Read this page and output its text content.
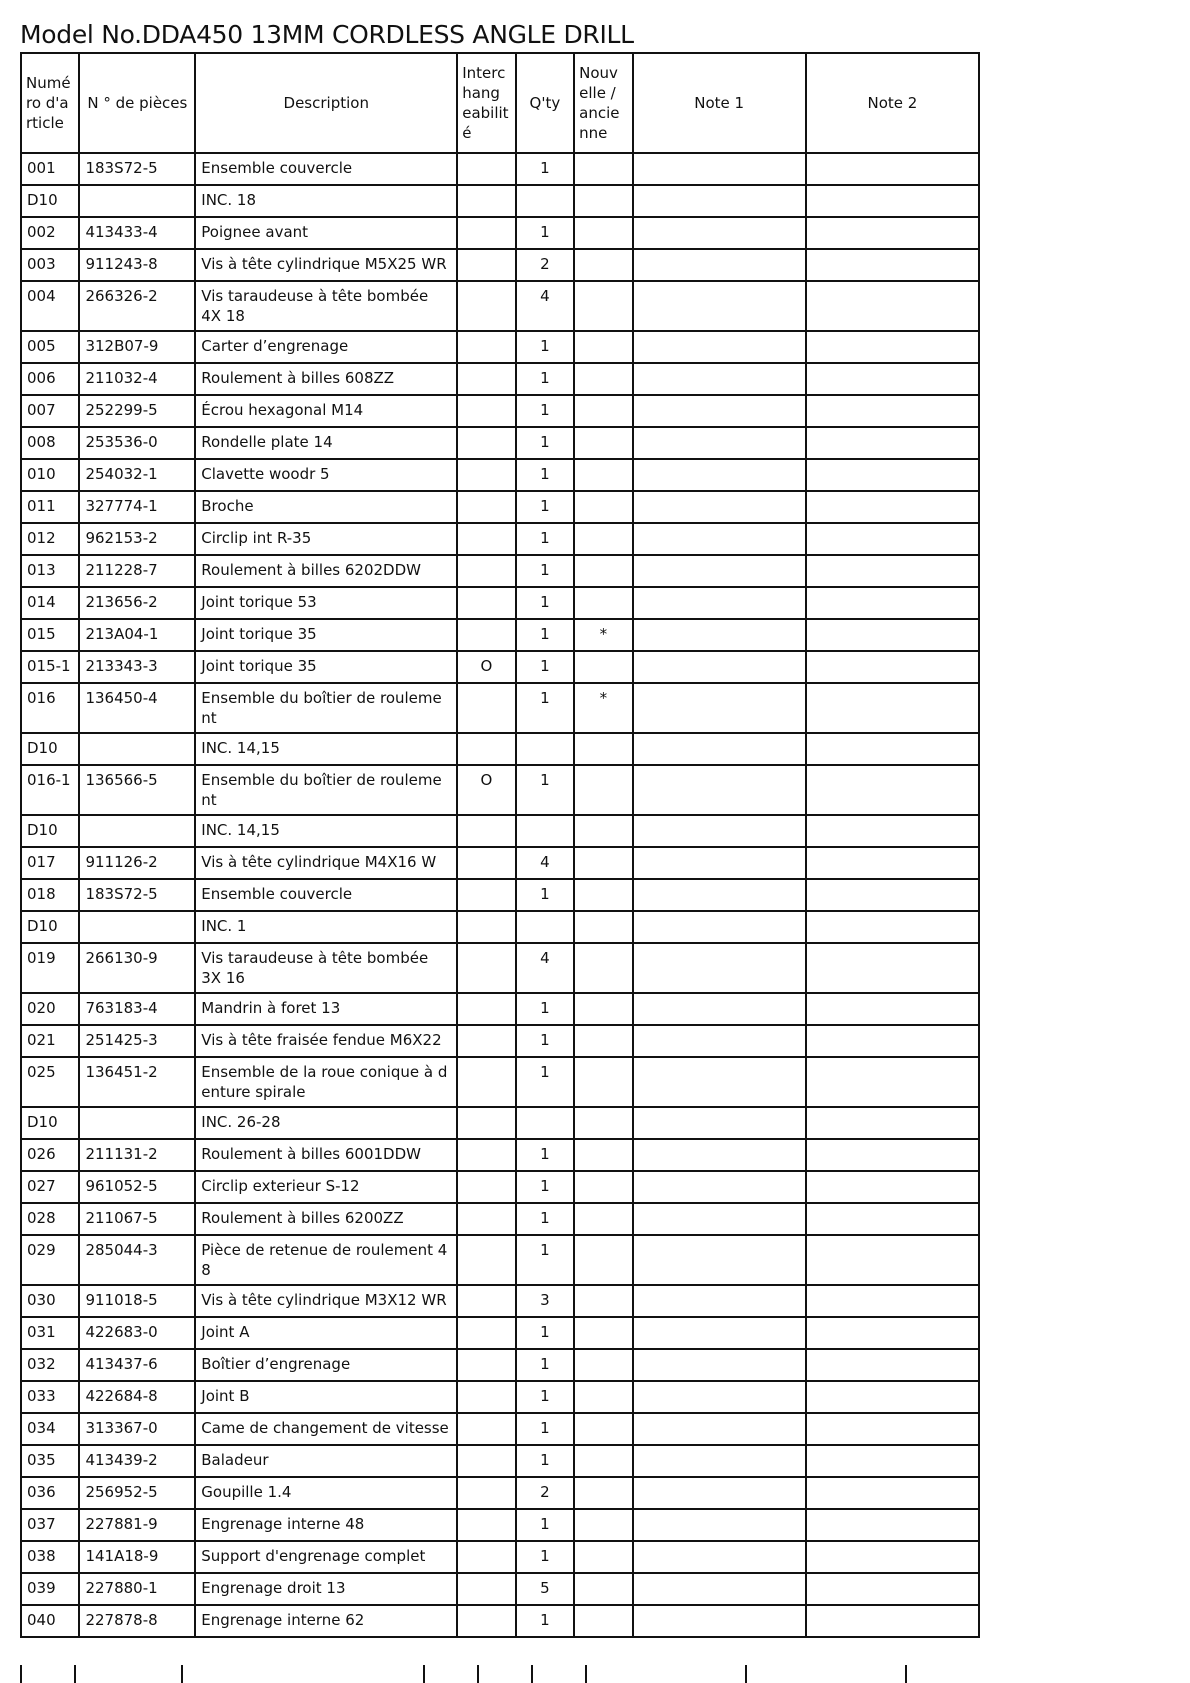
Model No.DDA450 13MM CORDLESS ANGLE DRILL
Numé ro d'a rticle	N ° de pièces	Description	Interc hang eabilit é	Q'ty	Nouv elle / ancie nne	Note 1	Note 2
001	183S72-5	Ensemble couvercle		1			
D10		INC. 18					
002	413433-4	Poignee avant		1			
003	911243-8	Vis à tête cylindrique M5X25 WR		2			
004	266326-2	Vis taraudeuse à tête bombée 4X 18		4			
005	312B07-9	Carter d’engrenage		1			
006	211032-4	Roulement à billes 608ZZ		1			
007	252299-5	Écrou hexagonal M14		1			
008	253536-0	Rondelle plate 14		1			
010	254032-1	Clavette woodr 5		1			
011	327774-1	Broche		1			
012	962153-2	Circlip int R-35		1			
013	211228-7	Roulement à billes 6202DDW		1			
014	213656-2	Joint torique 53		1			
015	213A04-1	Joint torique 35		1	*		
015-1	213343-3	Joint torique 35	O	1			
016	136450-4	Ensemble du boîtier de rouleme nt		1	*		
D10		INC. 14,15					
016-1	136566-5	Ensemble du boîtier de rouleme nt	O	1			
D10		INC. 14,15					
017	911126-2	Vis à tête cylindrique M4X16 W		4			
018	183S72-5	Ensemble couvercle		1			
D10		INC. 1					
019	266130-9	Vis taraudeuse à tête bombée 3X 16		4			
020	763183-4	Mandrin à foret 13		1			
021	251425-3	Vis à tête fraisée fendue M6X22		1			
025	136451-2	Ensemble de la roue conique à d enture spirale		1			
D10		INC. 26-28					
026	211131-2	Roulement à billes 6001DDW		1			
027	961052-5	Circlip exterieur S-12		1			
028	211067-5	Roulement à billes 6200ZZ		1			
029	285044-3	Pièce de retenue de roulement 4 8		1			
030	911018-5	Vis à tête cylindrique M3X12 WR		3			
031	422683-0	Joint A		1			
032	413437-6	Boîtier d’engrenage		1			
033	422684-8	Joint B		1			
034	313367-0	Came de changement de vitesse		1			
035	413439-2	Baladeur		1			
036	256952-5	Goupille 1.4		2			
037	227881-9	Engrenage interne 48		1			
038	141A18-9	Support d'engrenage complet		1			
039	227880-1	Engrenage droit 13		5			
040	227878-8	Engrenage interne 62		1			
